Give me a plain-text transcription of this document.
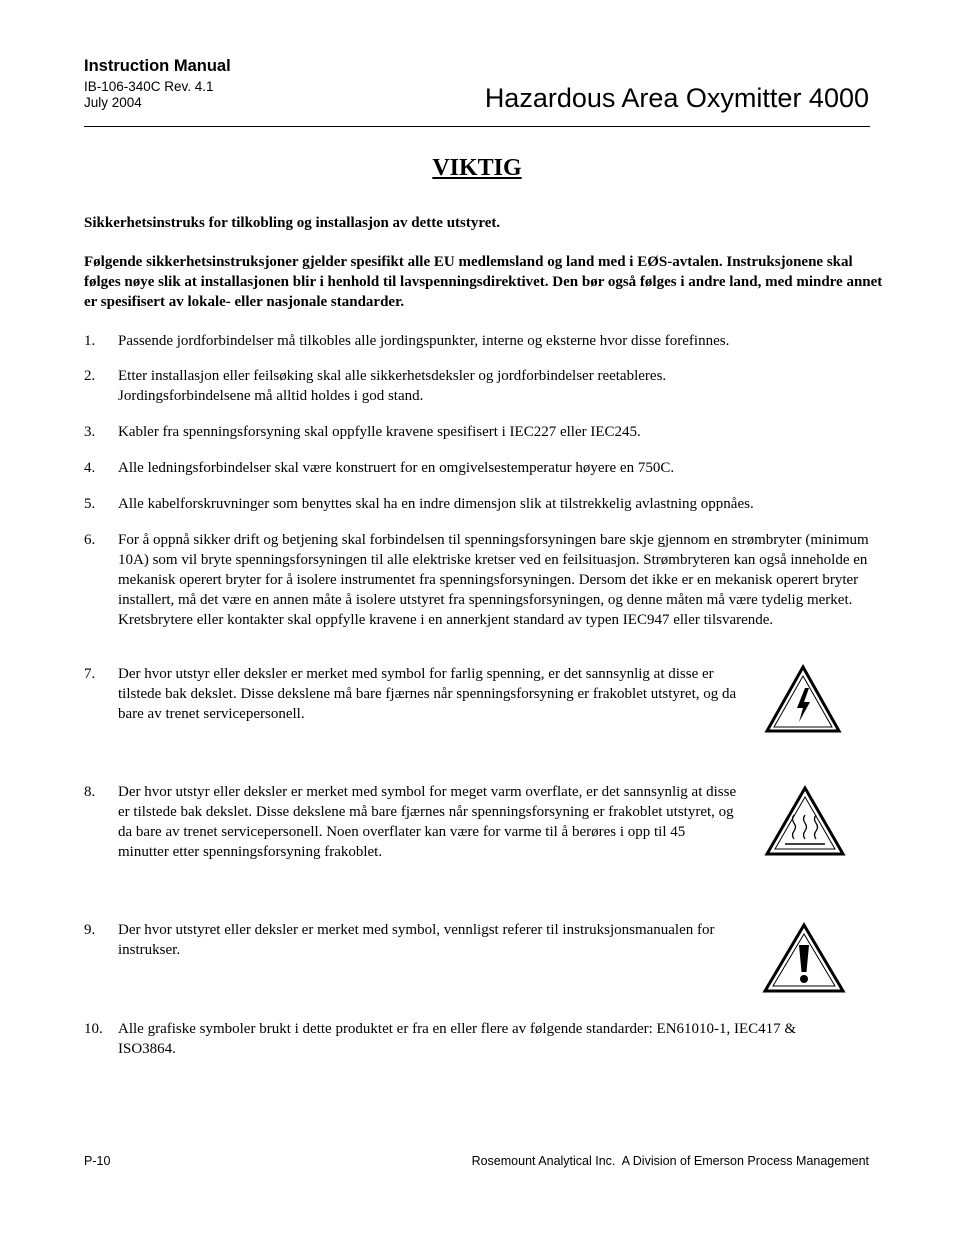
Instruction Manual
IB-106-340C Rev. 4.1
July 2004	Hazardous Area Oxymitter 4000
VIKTIG
Sikkerhetsinstruks for tilkobling og installasjon av dette utstyret.
Følgende sikkerhetsinstruksjoner gjelder spesifikt alle EU medlemsland og land med i EØS-avtalen. Instruksjonene skal følges nøye slik at installasjonen blir i henhold til lavspenningsdirektivet. Den bør også følges i andre land, med mindre annet er spesifisert av lokale- eller nasjonale standarder.
1. Passende jordforbindelser må tilkobles alle jordingspunkter, interne og eksterne hvor disse forefinnes.
2. Etter installasjon eller feilsøking skal alle sikkerhetsdeksler og jordforbindelser reetableres. Jordingsforbindelsene må alltid holdes i god stand.
3. Kabler fra spenningsforsyning skal oppfylle kravene spesifisert i IEC227 eller IEC245.
4. Alle ledningsforbindelser skal være konstruert for en omgivelsestemperatur høyere en 750C.
5. Alle kabelforskruvninger som benyttes skal ha en indre dimensjon slik at tilstrekkelig avlastning oppnåes.
6. For å oppnå sikker drift og betjening skal forbindelsen til spenningsforsyningen bare skje gjennom en strømbryter (minimum 10A) som vil bryte spenningsforsyningen til alle elektriske kretser ved en feilsituasjon. Strømbryteren kan også inneholde en mekanisk operert bryter for å isolere instrumentet fra spenningsforsyningen. Dersom det ikke er en mekanisk operert bryter installert, må det være en annen måte å isolere utstyret fra spenningsforsyningen, og denne måten må være tydelig merket. Kretsbrytere eller kontakter skal oppfylle kravene i en annerkjent standard av typen IEC947 eller tilsvarende.
7. Der hvor utstyr eller deksler er merket med symbol for farlig spenning, er det sannsynlig at disse er tilstede bak dekslet. Disse dekslene må bare fjærnes når spenningsforsyning er frakoblet utstyret, og da bare av trenet servicepersonell.
8. Der hvor utstyr eller deksler er merket med symbol for meget varm overflate, er det sannsynlig at disse er tilstede bak dekslet. Disse dekslene må bare fjærnes når spenningsforsyning er frakoblet utstyret, og da bare av trenet servicepersonell. Noen overflater kan være for varme til å berøres i opp til 45 minutter etter spenningsforsyning frakoblet.
9. Der hvor utstyret eller deksler er merket med symbol, vennligst referer til instruksjonsmanualen for instrukser.
10. Alle grafiske symboler brukt i dette produktet er fra en eller flere av følgende standarder: EN61010-1, IEC417 & ISO3864.
P-10	Rosemount Analytical Inc.  A Division of Emerson Process Management
